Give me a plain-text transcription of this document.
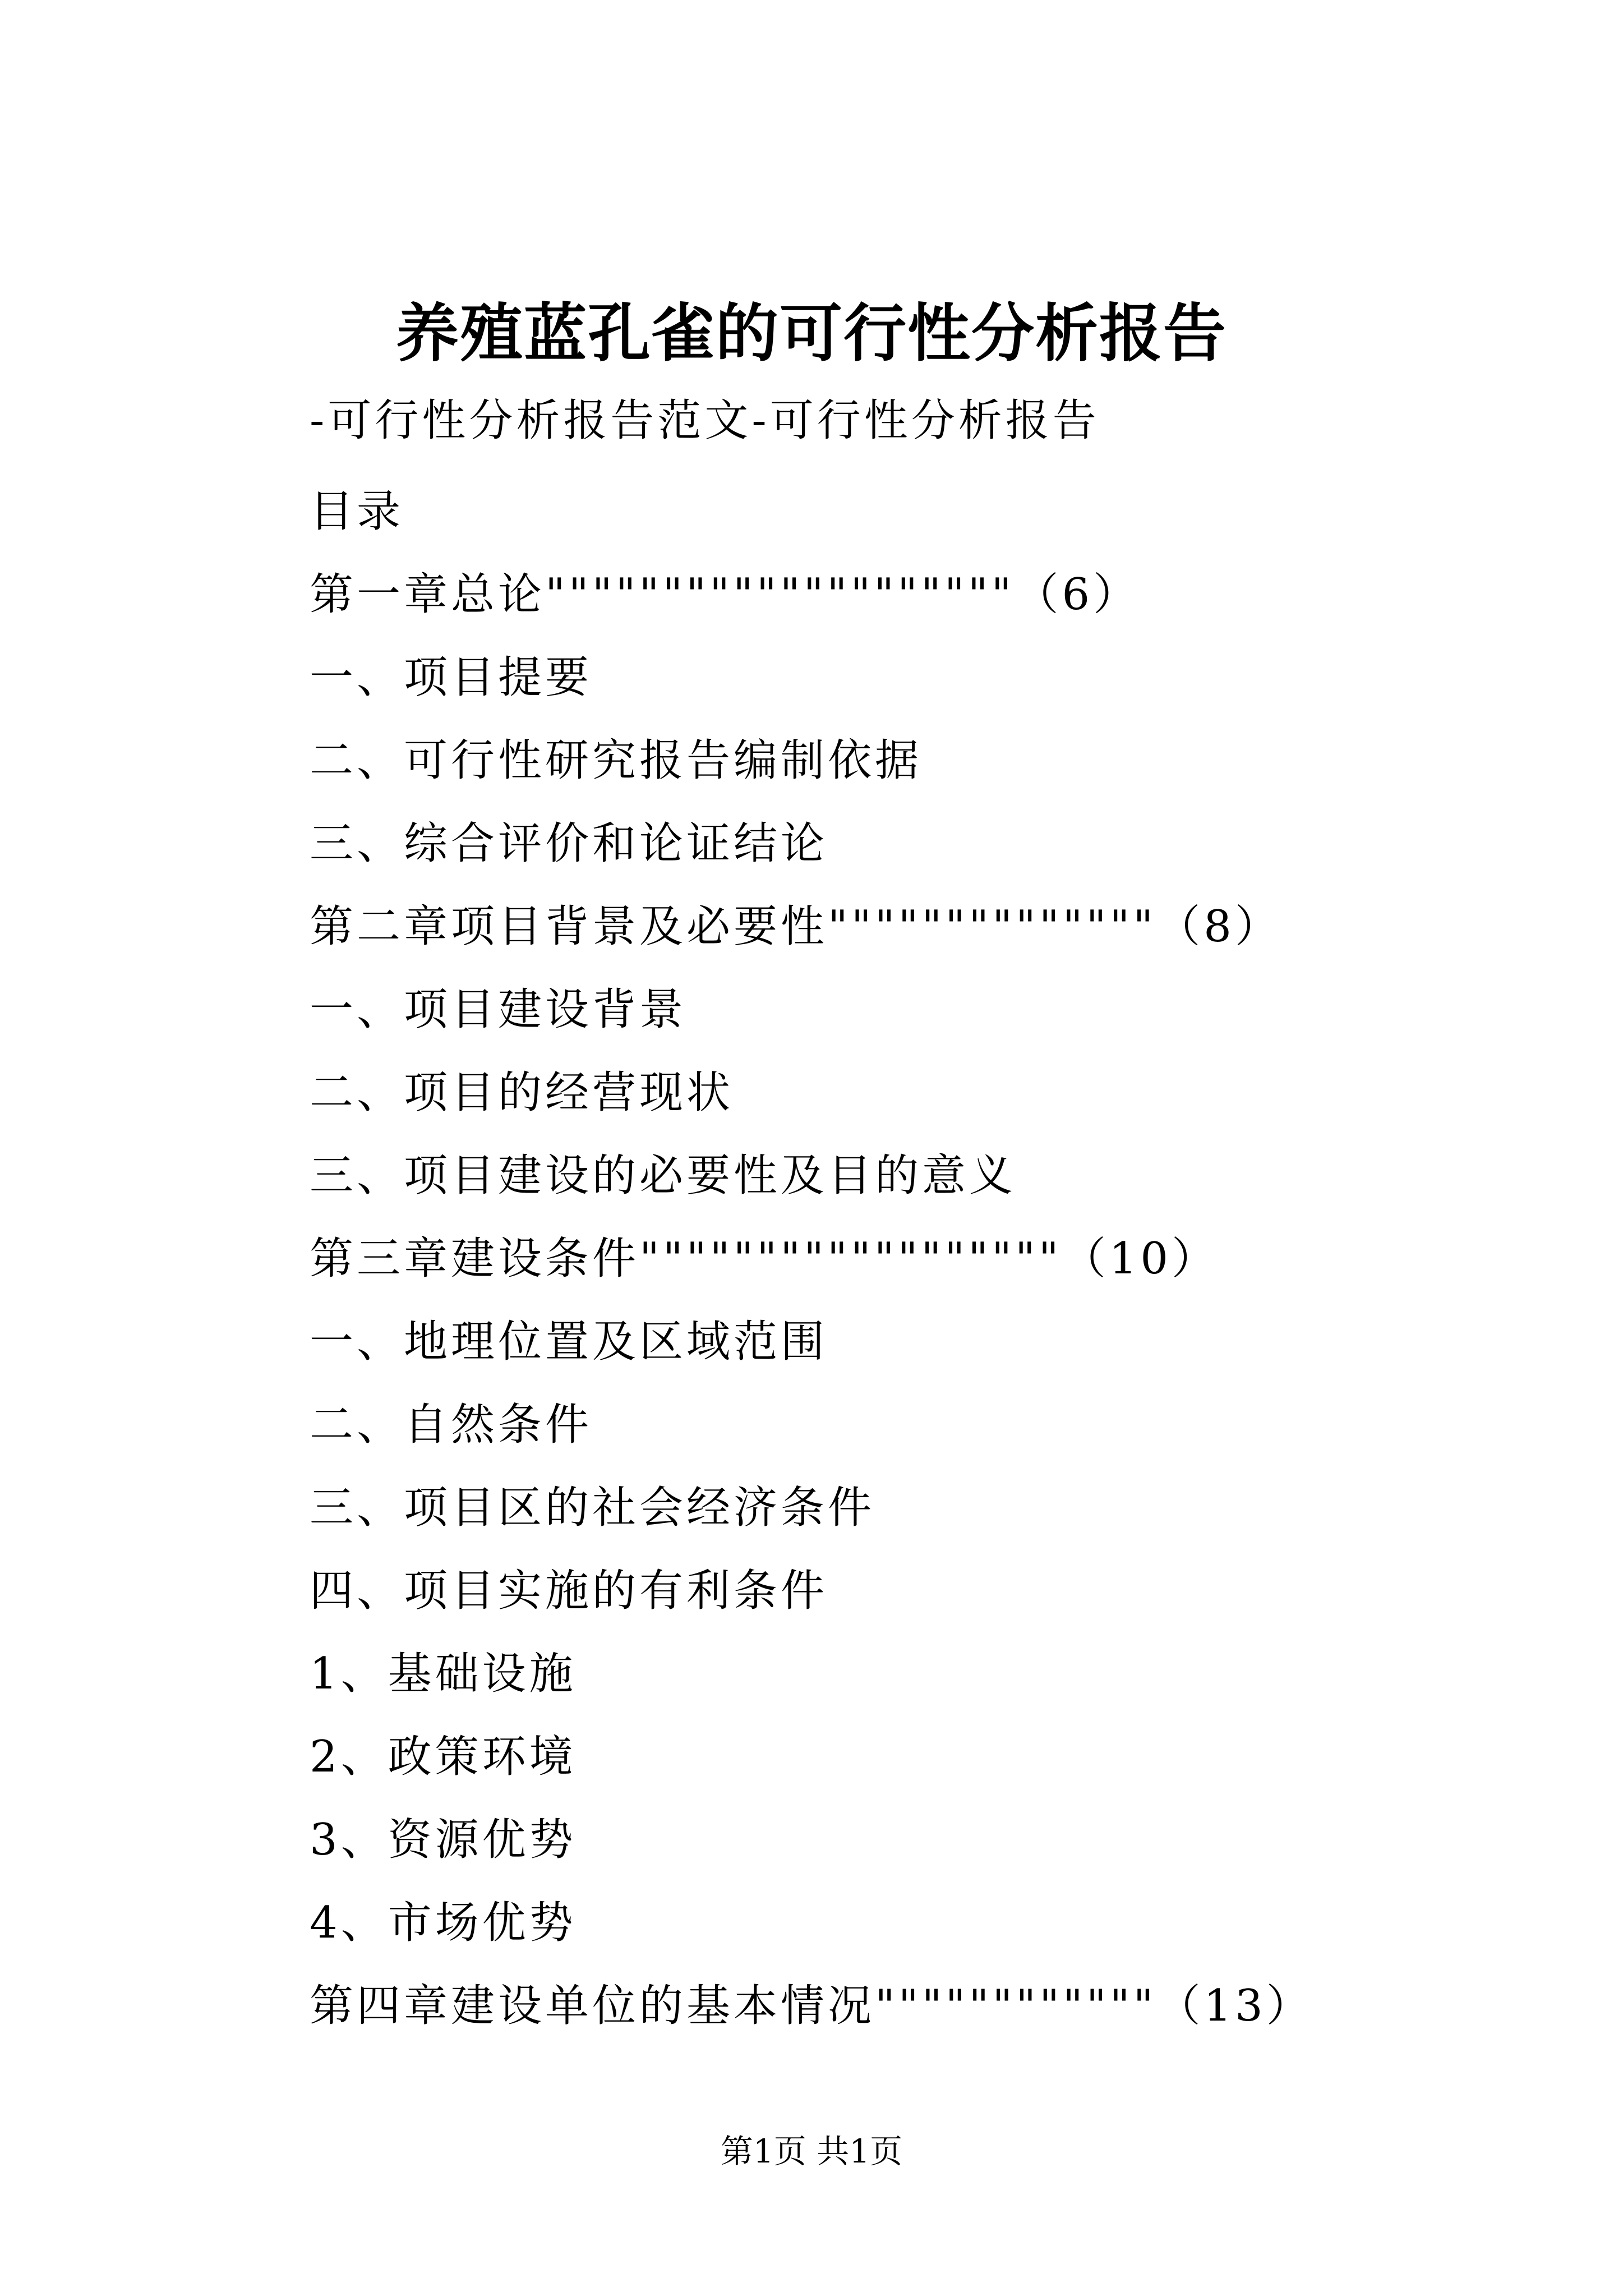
养殖蓝孔雀的可行性分析报告
-可行性分析报告范文-可行性分析报告
目录
第一章总论""""""""""""""""""""（6）
一、项目提要
二、可行性研究报告编制依据
三、综合评价和论证结论
第二章项目背景及必要性""""""""""""""（8）
一、项目建设背景
二、项目的经营现状
三、项目建设的必要性及目的意义
第三章建设条件""""""""""""""""""（10）
一、地理位置及区域范围
二、自然条件
三、项目区的社会经济条件
四、项目实施的有利条件
1、基础设施
2、政策环境
3、资源优势
4、市场优势
第四章建设单位的基本情况""""""""""""（13）
第1页 共1页
